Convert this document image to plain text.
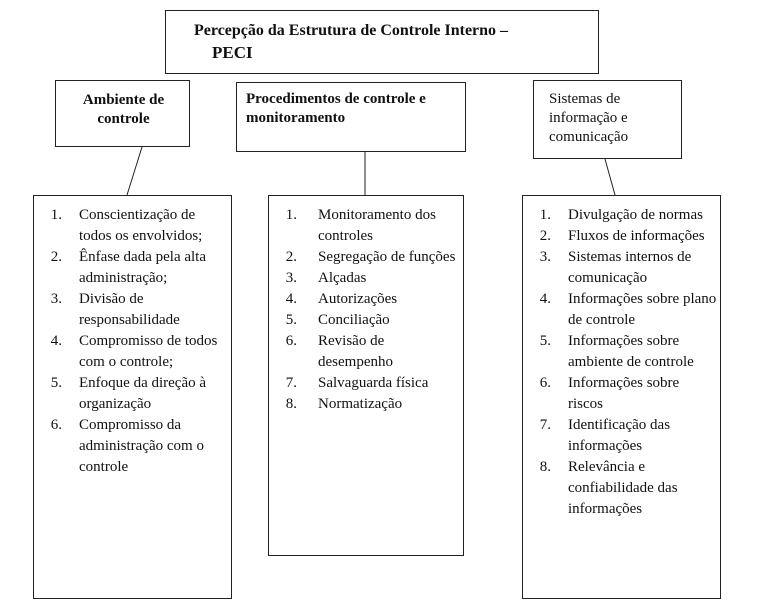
Percepção da Estrutura de Controle Interno –
PECI
Ambiente de controle
Procedimentos de controle e monitoramento
Sistemas de informação e comunicação
1. Conscientização de todos os envolvidos;
2. Ênfase dada pela alta administração;
3. Divisão de responsabilidade
4. Compromisso de todos com o controle;
5. Enfoque da direção à organização
6. Compromisso da administração com o controle
1. Monitoramento dos controles
2. Segregação de funções
3. Alçadas
4. Autorizações
5. Conciliação
6. Revisão de desempenho
7. Salvaguarda física
8. Normatização
1. Divulgação de normas
2. Fluxos de informações
3. Sistemas internos de comunicação
4. Informações sobre plano de controle
5. Informações sobre ambiente de controle
6. Informações sobre riscos
7. Identificação das informações
8. Relevância e confiabilidade das informações
